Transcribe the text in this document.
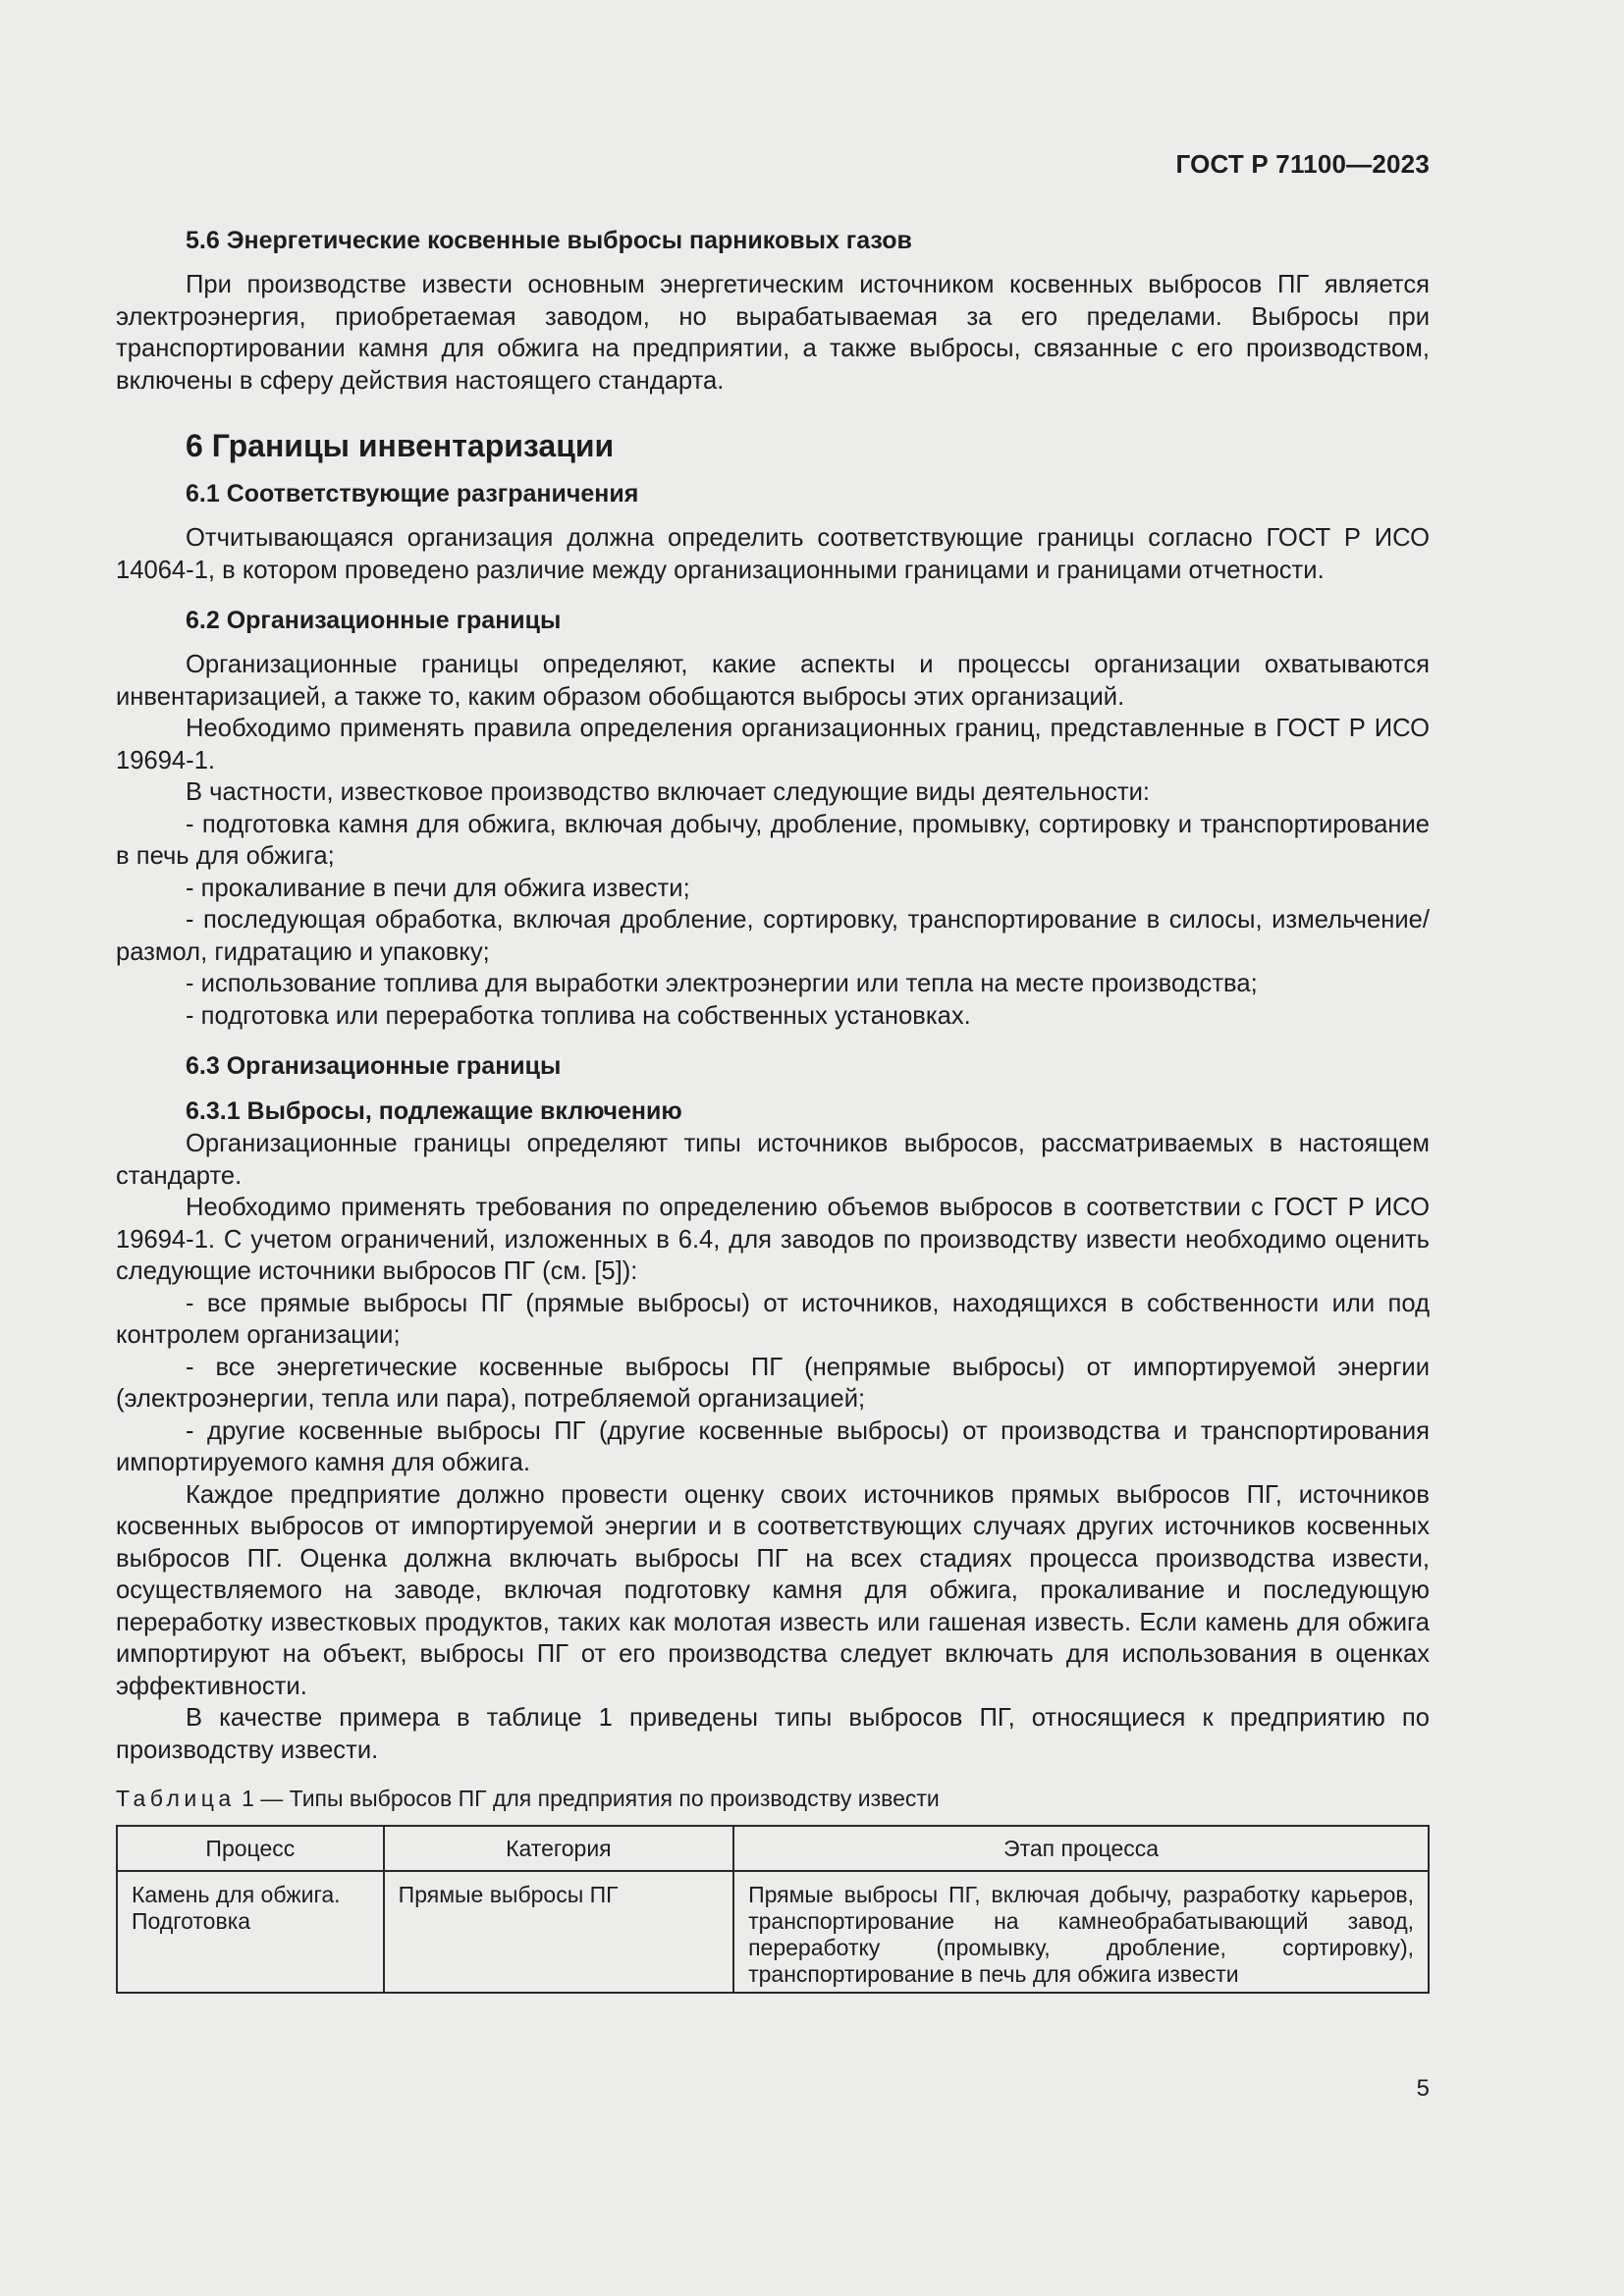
ГОСТ Р 71100—2023
5.6 Энергетические косвенные выбросы парниковых газов

При производстве извести основным энергетическим источником косвенных выбросов ПГ является электроэнергия, приобретаемая заводом, но вырабатываемая за его пределами. Выбросы при транспортировании камня для обжига на предприятии, а также выбросы, связанные с его производством, включены в сферу действия настоящего стандарта.

6 Границы инвентаризации
6.1 Соответствующие разграничения

Отчитывающаяся организация должна определить соответствующие границы согласно ГОСТ Р ИСО 14064-1, в котором проведено различие между организационными границами и границами отчетности.

6.2 Организационные границы

Организационные границы определяют, какие аспекты и процессы организации охватываются инвентаризацией, а также то, каким образом обобщаются выбросы этих организаций.

Необходимо применять правила определения организационных границ, представленные в ГОСТ Р ИСО 19694-1.

В частности, известковое производство включает следующие виды деятельности:

- подготовка камня для обжига, включая добычу, дробление, промывку, сортировку и транспортирование в печь для обжига;

- прокаливание в печи для обжига извести;

- последующая обработка, включая дробление, сортировку, транспортирование в силосы, измельчение/размол, гидратацию и упаковку;

- использование топлива для выработки электроэнергии или тепла на месте производства;

- подготовка или переработка топлива на собственных установках.

6.3 Организационные границы
6.3.1 Выбросы, подлежащие включению

Организационные границы определяют типы источников выбросов, рассматриваемых в настоящем стандарте.

Необходимо применять требования по определению объемов выбросов в соответствии с ГОСТ Р ИСО 19694-1. С учетом ограничений, изложенных в 6.4, для заводов по производству извести необходимо оценить следующие источники выбросов ПГ (см. [5]):

- все прямые выбросы ПГ (прямые выбросы) от источников, находящихся в собственности или под контролем организации;

- все энергетические косвенные выбросы ПГ (непрямые выбросы) от импортируемой энергии (электроэнергии, тепла или пара), потребляемой организацией;

- другие косвенные выбросы ПГ (другие косвенные выбросы) от производства и транспортирования импортируемого камня для обжига.

Каждое предприятие должно провести оценку своих источников прямых выбросов ПГ, источников косвенных выбросов от импортируемой энергии и в соответствующих случаях других источников косвенных выбросов ПГ. Оценка должна включать выбросы ПГ на всех стадиях процесса производства извести, осуществляемого на заводе, включая подготовку камня для обжига, прокаливание и последующую переработку известковых продуктов, таких как молотая известь или гашеная известь. Если камень для обжига импортируют на объект, выбросы ПГ от его производства следует включать для использования в оценках эффективности.

В качестве примера в таблице 1 приведены типы выбросов ПГ, относящиеся к предприятию по производству извести.

Таблица 1 — Типы выбросов ПГ для предприятия по производству извести
Процесс	Категория	Этап процесса
Камень для обжига. Подготовка	Прямые выбросы ПГ	Прямые выбросы ПГ, включая добычу, разработку карьеров, транспортирование на камнеобрабатывающий завод, переработку (промывку, дробление, сортировку), транспортирование в печь для обжига извести
5
